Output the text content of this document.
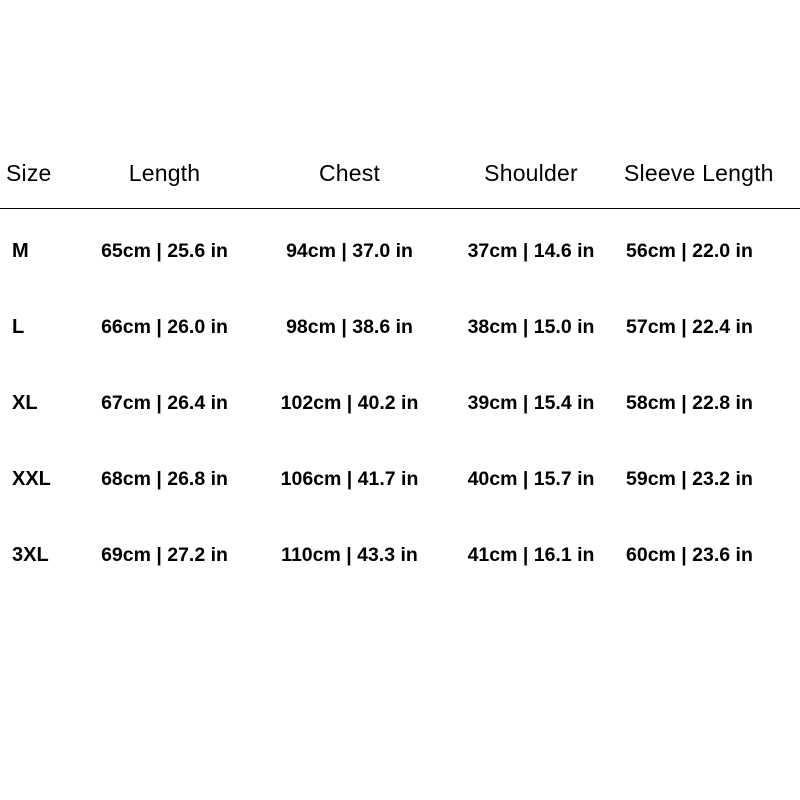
Size	Length	Chest	Shoulder	Sleeve Length
M	65cm | 25.6 in	94cm | 37.0 in	37cm | 14.6 in	56cm | 22.0 in
L	66cm | 26.0 in	98cm | 38.6 in	38cm | 15.0 in	57cm | 22.4 in
XL	67cm | 26.4 in	102cm | 40.2 in	39cm | 15.4 in	58cm | 22.8 in
XXL	68cm | 26.8 in	106cm | 41.7 in	40cm | 15.7 in	59cm | 23.2 in
3XL	69cm | 27.2 in	110cm | 43.3 in	41cm | 16.1 in	60cm | 23.6 in
